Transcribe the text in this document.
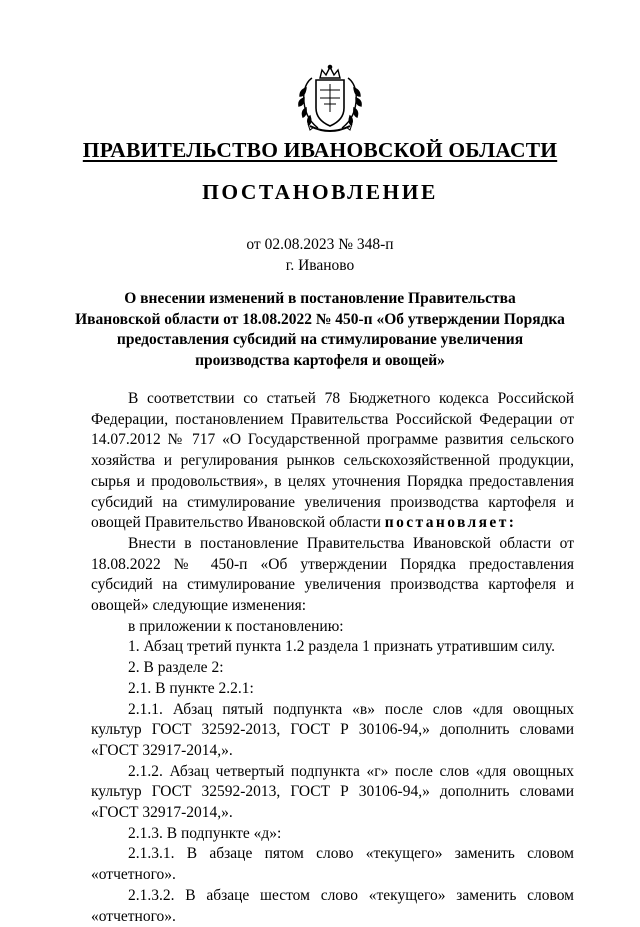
ПРАВИТЕЛЬСТВО ИВАНОВСКОЙ ОБЛАСТИ
ПОСТАНОВЛЕНИЕ
от 02.08.2023 № 348-п
г. Иваново
О внесении изменений в постановление Правительства
Ивановской области от 18.08.2022 № 450-п «Об утверждении Порядка
предоставления субсидий на стимулирование увеличения
производства картофеля и овощей»

В соответствии со статьей 78 Бюджетного кодекса Российской Федерации, постановлением Правительства Российской Федерации от 14.07.2012 № 717 «О Государственной программе развития сельского хозяйства и регулирования рынков сельскохозяйственной продукции, сырья и продовольствия», в целях уточнения Порядка предоставления субсидий на стимулирование увеличения производства картофеля и овощей Правительство Ивановской области постановляет:

Внести в постановление Правительства Ивановской области от 18.08.2022 № 450-п «Об утверждении Порядка предоставления субсидий на стимулирование увеличения производства картофеля и овощей» следующие изменения:

в приложении к постановлению:

1. Абзац третий пункта 1.2 раздела 1 признать утратившим силу.

2. В разделе 2:

2.1. В пункте 2.2.1:

2.1.1. Абзац пятый подпункта «в» после слов «для овощных культур ГОСТ 32592-2013, ГОСТ Р 30106-94,» дополнить словами «ГОСТ 32917-2014,».

2.1.2. Абзац четвертый подпункта «г» после слов «для овощных культур ГОСТ 32592-2013, ГОСТ Р 30106-94,» дополнить словами «ГОСТ 32917-2014,».

2.1.3. В подпункте «д»:

2.1.3.1. В абзаце пятом слово «текущего» заменить словом «отчетного».

2.1.3.2. В абзаце шестом слово «текущего» заменить словом «отчетного».
